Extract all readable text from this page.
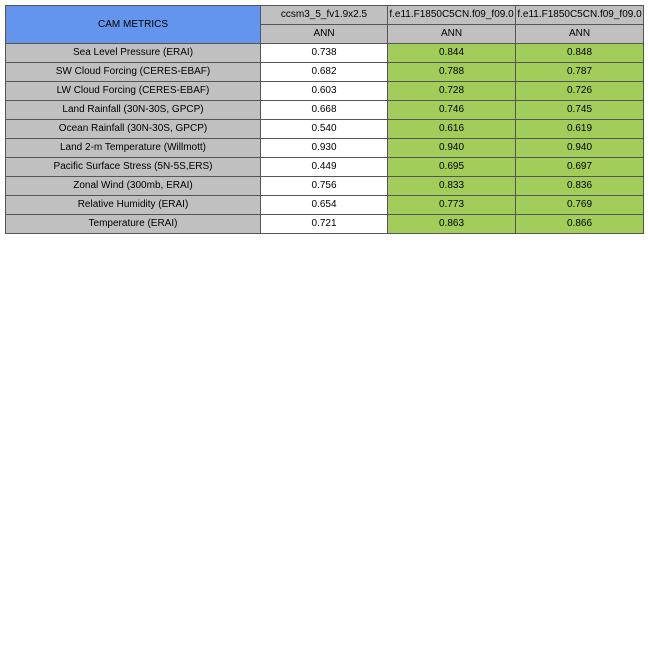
CAM METRICS	ccsm3_5_fv1.9x2.5	f.e11.F1850C5CN.f09_f09.0	f.e11.F1850C5CN.f09_f09.0

	ANN	ANN	ANN
Sea Level Pressure (ERAI)	0.738	0.844	0.848
SW Cloud Forcing (CERES-EBAF)	0.682	0.788	0.787
LW Cloud Forcing (CERES-EBAF)	0.603	0.728	0.726
Land Rainfall (30N-30S, GPCP)	0.668	0.746	0.745
Ocean Rainfall (30N-30S, GPCP)	0.540	0.616	0.619
Land 2-m Temperature (Willmott)	0.930	0.940	0.940
Pacific Surface Stress (5N-5S,ERS)	0.449	0.695	0.697
Zonal Wind (300mb, ERAI)	0.756	0.833	0.836
Relative Humidity (ERAI)	0.654	0.773	0.769
Temperature (ERAI)	0.721	0.863	0.866
